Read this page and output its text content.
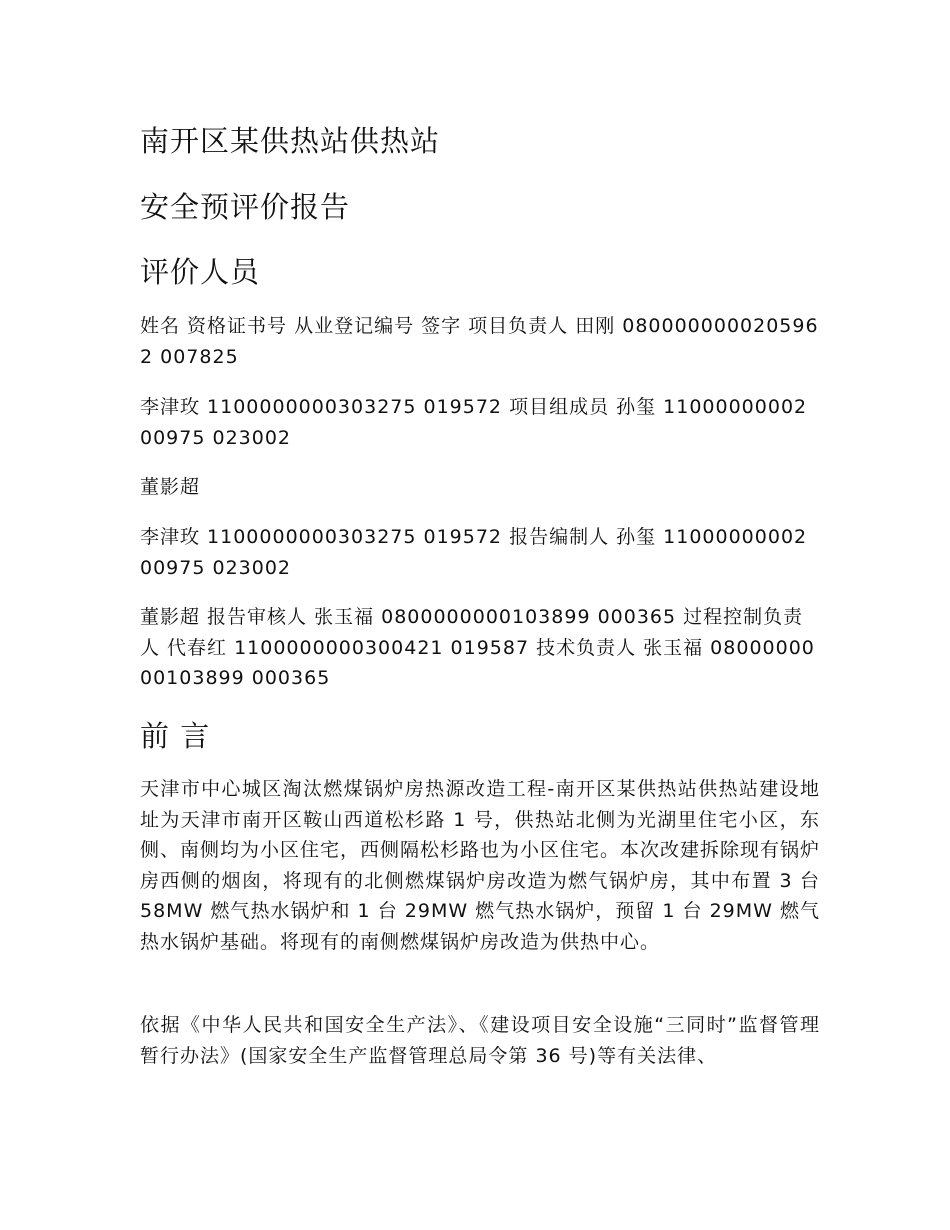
南开区某供热站供热站
安全预评价报告
评价人员

姓名 资格证书号 从业登记编号 签字 项目负责人 田刚 0800000000205962 007825

李津玫 1100000000303275 019572 项目组成员 孙玺 1100000000200975 023002

董影超

李津玫 1100000000303275 019572 报告编制人 孙玺 1100000000200975 023002

董影超 报告审核人 张玉福 0800000000103899 000365 过程控制负责人 代春红 1100000000300421 019587 技术负责人 张玉福 0800000000103899 000365

前 言

天津市中心城区淘汰燃煤锅炉房热源改造工程-南开区某供热站供热站建设地址为天津市南开区鞍山西道松杉路 1 号，供热站北侧为光湖里住宅小区，东侧、南侧均为小区住宅，西侧隔松杉路也为小区住宅。本次改建拆除现有锅炉房西侧的烟囱，将现有的北侧燃煤锅炉房改造为燃气锅炉房，其中布置 3 台 58MW 燃气热水锅炉和 1 台 29MW 燃气热水锅炉，预留 1 台 29MW 燃气热水锅炉基础。将现有的南侧燃煤锅炉房改造为供热中心。

依据《中华人民共和国安全生产法》、《建设项目安全设施“三同时”监督管理暂行办法》(国家安全生产监督管理总局令第 36 号)等有关法律、
